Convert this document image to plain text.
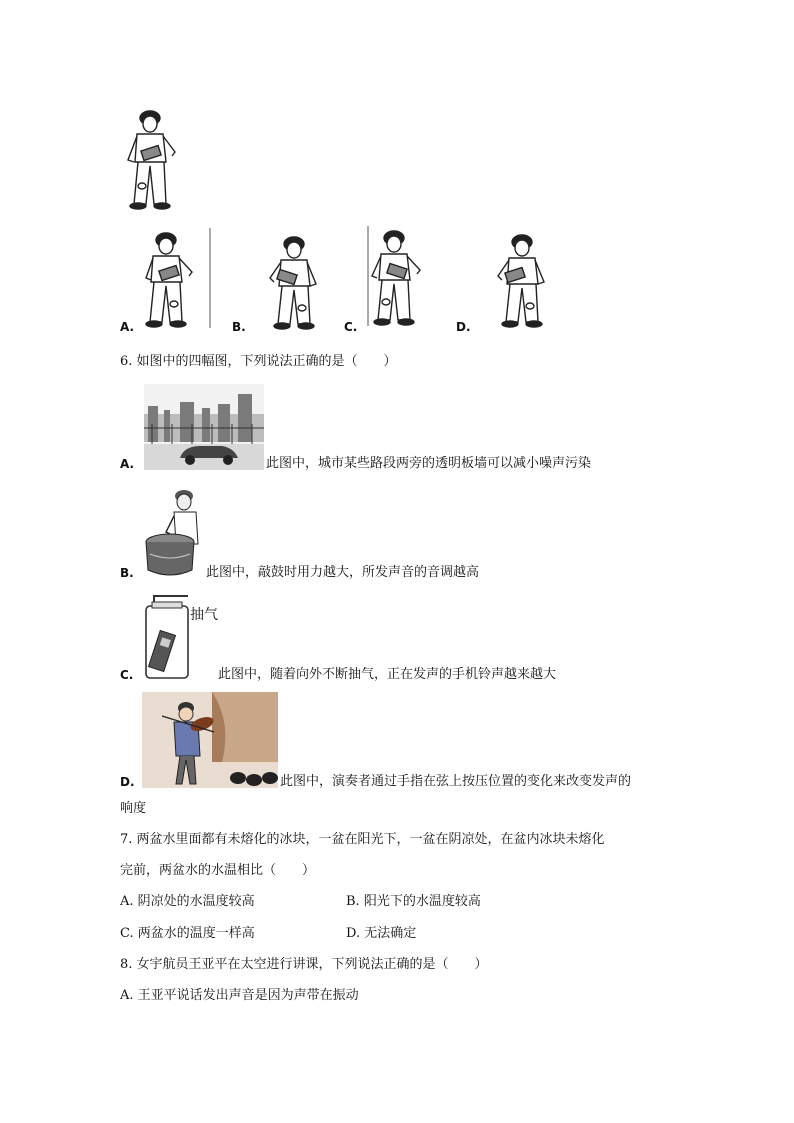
A.	B.	C.	D.
6. 如图中的四幅图，下列说法正确的是（　　）
A.	此图中，城市某些路段两旁的透明板墙可以减小噪声污染
B.	此图中，敲鼓时用力越大，所发声音的音调越高
抽气
C.	此图中，随着向外不断抽气，正在发声的手机铃声越来越大
D.	此图中，演奏者通过手指在弦上按压位置的变化来改变发声的
响度
7. 两盆水里面都有未熔化的冰块，一盆在阳光下，一盆在阴凉处，在盆内冰块未熔化
完前，两盆水的水温相比（　　）
A. 阴凉处的水温度较高	B. 阳光下的水温度较高
C. 两盆水的温度一样高	D. 无法确定
8. 女宇航员王亚平在太空进行讲课，下列说法正确的是（　　）
A. 王亚平说话发出声音是因为声带在振动
